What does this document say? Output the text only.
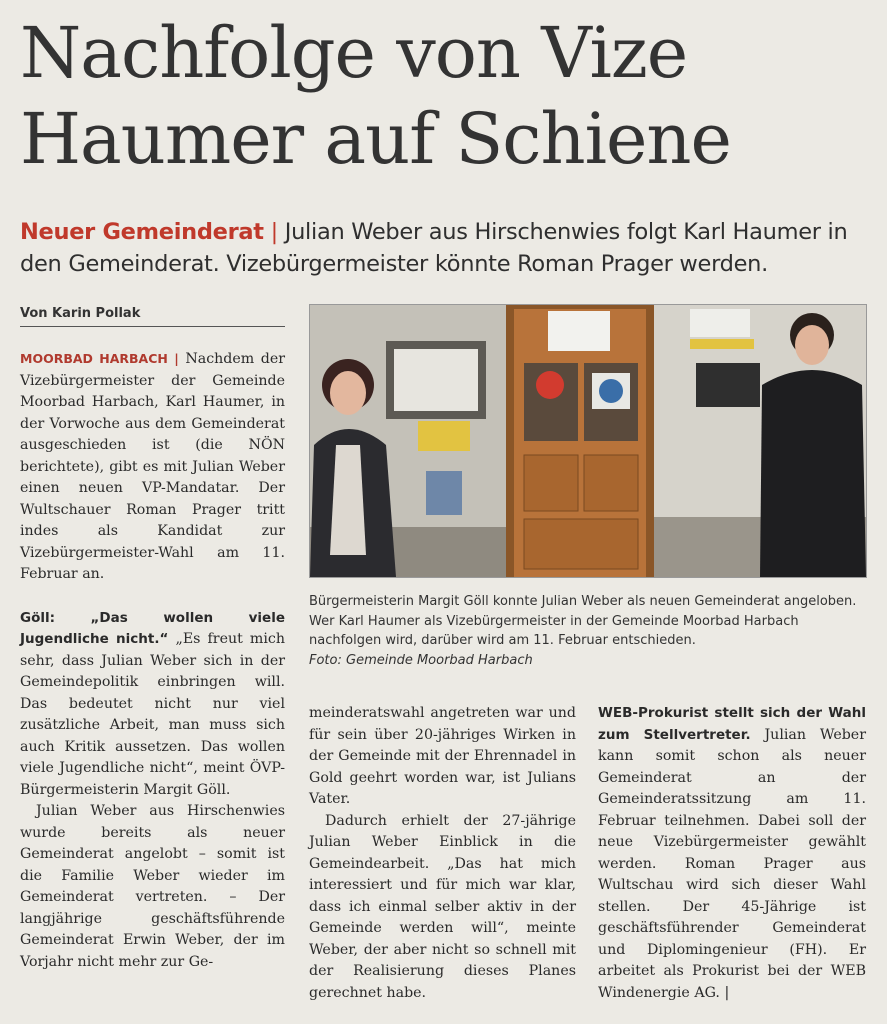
Nachfolge von Vize
Haumer auf Schiene
Neuer Gemeinderat | Julian Weber aus Hirschenwies folgt Karl Haumer in den Gemeinderat. Vizebürgermeister könnte Roman Prager werden.
Von Karin Pollak

MOORBAD HARBACH | Nachdem der Vizebürgermeister der Gemeinde Moorbad Harbach, Karl Haumer, in der Vorwoche aus dem Gemeinderat ausgeschieden ist (die NÖN berichtete), gibt es mit Julian Weber einen neuen VP-Mandatar. Der Wultschauer Roman Prager tritt indes als Kandidat zur Vizebürgermeister-Wahl am 11. Februar an.

Göll: „Das wollen viele Jugendliche nicht.“ „Es freut mich sehr, dass Julian Weber sich in der Gemeindepolitik einbringen will. Das bedeutet nicht nur viel zusätzliche Arbeit, man muss sich auch Kritik aussetzen. Das wollen viele Jugendliche nicht“, meint ÖVP-Bürgermeisterin Margit Göll.

Julian Weber aus Hirschenwies wurde bereits als neuer Gemeinderat angelobt – somit ist die Familie Weber wieder im Gemeinderat vertreten. – Der langjährige geschäftsführende Gemeinderat Erwin Weber, der im Vorjahr nicht mehr zur Ge-

Bürgermeisterin Margit Göll konnte Julian Weber als neuen Gemeinderat angeloben. Wer Karl Haumer als Vizebürgermeister in der Gemeinde Moorbad Harbach nachfolgen wird, darüber wird am 11. Februar entschieden.
Foto: Gemeinde Moorbad Harbach

meinderatswahl angetreten war und für sein über 20-jähriges Wirken in der Gemeinde mit der Ehrennadel in Gold geehrt worden war, ist Julians Vater.

Dadurch erhielt der 27-jährige Julian Weber Einblick in die Gemeindearbeit. „Das hat mich interessiert und für mich war klar, dass ich einmal selber aktiv in der Gemeinde werden will“, meinte Weber, der aber nicht so schnell mit der Realisierung dieses Planes gerechnet habe.

WEB-Prokurist stellt sich der Wahl zum Stellvertreter. Julian Weber kann somit schon als neuer Gemeinderat an der Gemeinderatssitzung am 11. Februar teilnehmen. Dabei soll der neue Vizebürgermeister gewählt werden. Roman Prager aus Wultschau wird sich dieser Wahl stellen. Der 45-Jährige ist geschäftsführender Gemeinderat und Diplomingenieur (FH). Er arbeitet als Prokurist bei der WEB Windenergie AG. |
